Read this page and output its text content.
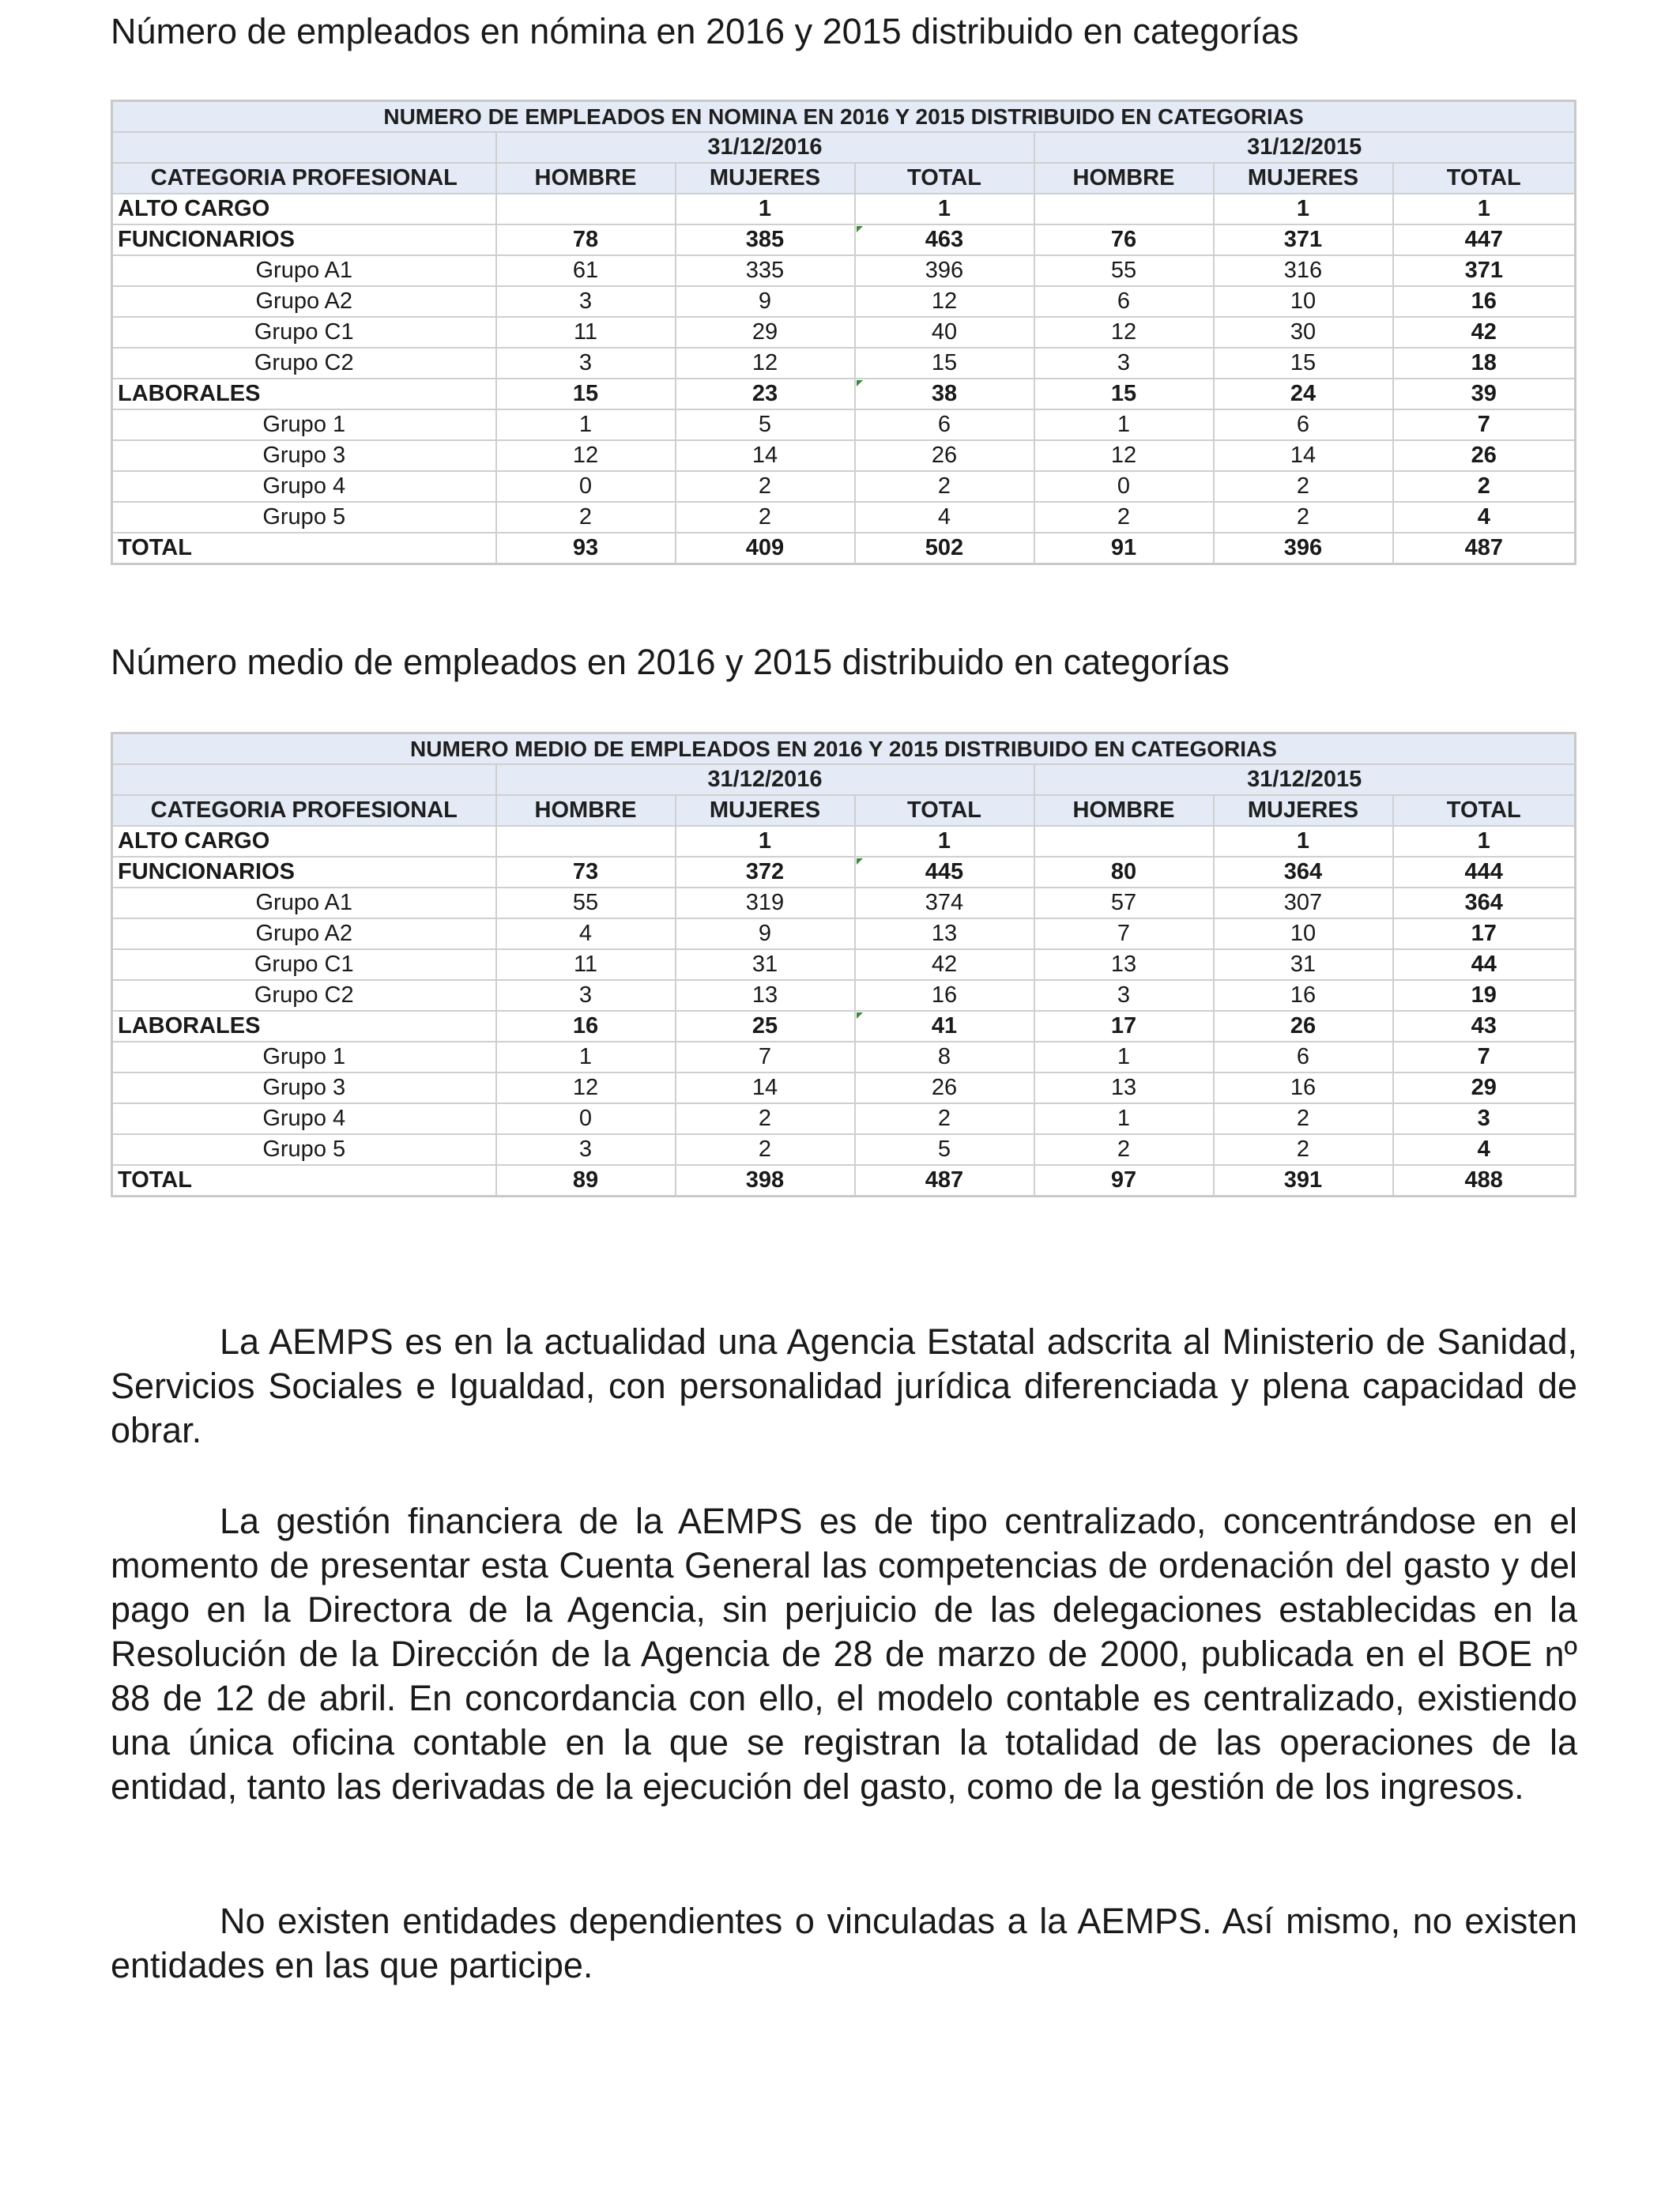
Número de empleados en nómina en 2016 y 2015 distribuido en categorías
NUMERO DE EMPLEADOS EN NOMINA EN 2016 Y 2015 DISTRIBUIDO EN CATEGORIAS						
	31/12/2016			31/12/2015		
CATEGORIA PROFESIONAL	HOMBRE	MUJERES	TOTAL	HOMBRE	MUJERES	TOTAL
ALTO CARGO		1	1		1	1
FUNCIONARIOS	78	385	463	76	371	447
Grupo A1	61	335	396	55	316	371
Grupo A2	3	9	12	6	10	16
Grupo C1	11	29	40	12	30	42
Grupo C2	3	12	15	3	15	18
LABORALES	15	23	38	15	24	39
Grupo 1	1	5	6	1	6	7
Grupo 3	12	14	26	12	14	26
Grupo 4	0	2	2	0	2	2
Grupo 5	2	2	4	2	2	4
TOTAL	93	409	502	91	396	487
Número medio de empleados en 2016 y 2015 distribuido en categorías
NUMERO MEDIO DE EMPLEADOS EN 2016 Y 2015 DISTRIBUIDO EN CATEGORIAS						
	31/12/2016			31/12/2015		
CATEGORIA PROFESIONAL	HOMBRE	MUJERES	TOTAL	HOMBRE	MUJERES	TOTAL
ALTO CARGO		1	1		1	1
FUNCIONARIOS	73	372	445	80	364	444
Grupo A1	55	319	374	57	307	364
Grupo A2	4	9	13	7	10	17
Grupo C1	11	31	42	13	31	44
Grupo C2	3	13	16	3	16	19
LABORALES	16	25	41	17	26	43
Grupo 1	1	7	8	1	6	7
Grupo 3	12	14	26	13	16	29
Grupo 4	0	2	2	1	2	3
Grupo 5	3	2	5	2	2	4
TOTAL	89	398	487	97	391	488

La AEMPS es en la actualidad una Agencia Estatal adscrita al Ministerio de Sanidad, Servicios Sociales e Igualdad, con personalidad jurídica diferenciada y plena capacidad de obrar.

La gestión financiera de la AEMPS es de tipo centralizado, concentrándose en el momento de presentar esta Cuenta General las competencias de ordenación del gasto y del pago en la Directora de la Agencia, sin perjuicio de las delegaciones establecidas en la Resolución de la Dirección de la Agencia de 28 de marzo de 2000, publicada en el BOE nº 88 de 12 de abril. En concordancia con ello, el modelo contable es centralizado, existiendo una única oficina contable en la que se registran la totalidad de las operaciones de la entidad, tanto las derivadas de la ejecución del gasto, como de la gestión de los ingresos.

No existen entidades dependientes o vinculadas a la AEMPS. Así mismo, no existen entidades en las que participe.
